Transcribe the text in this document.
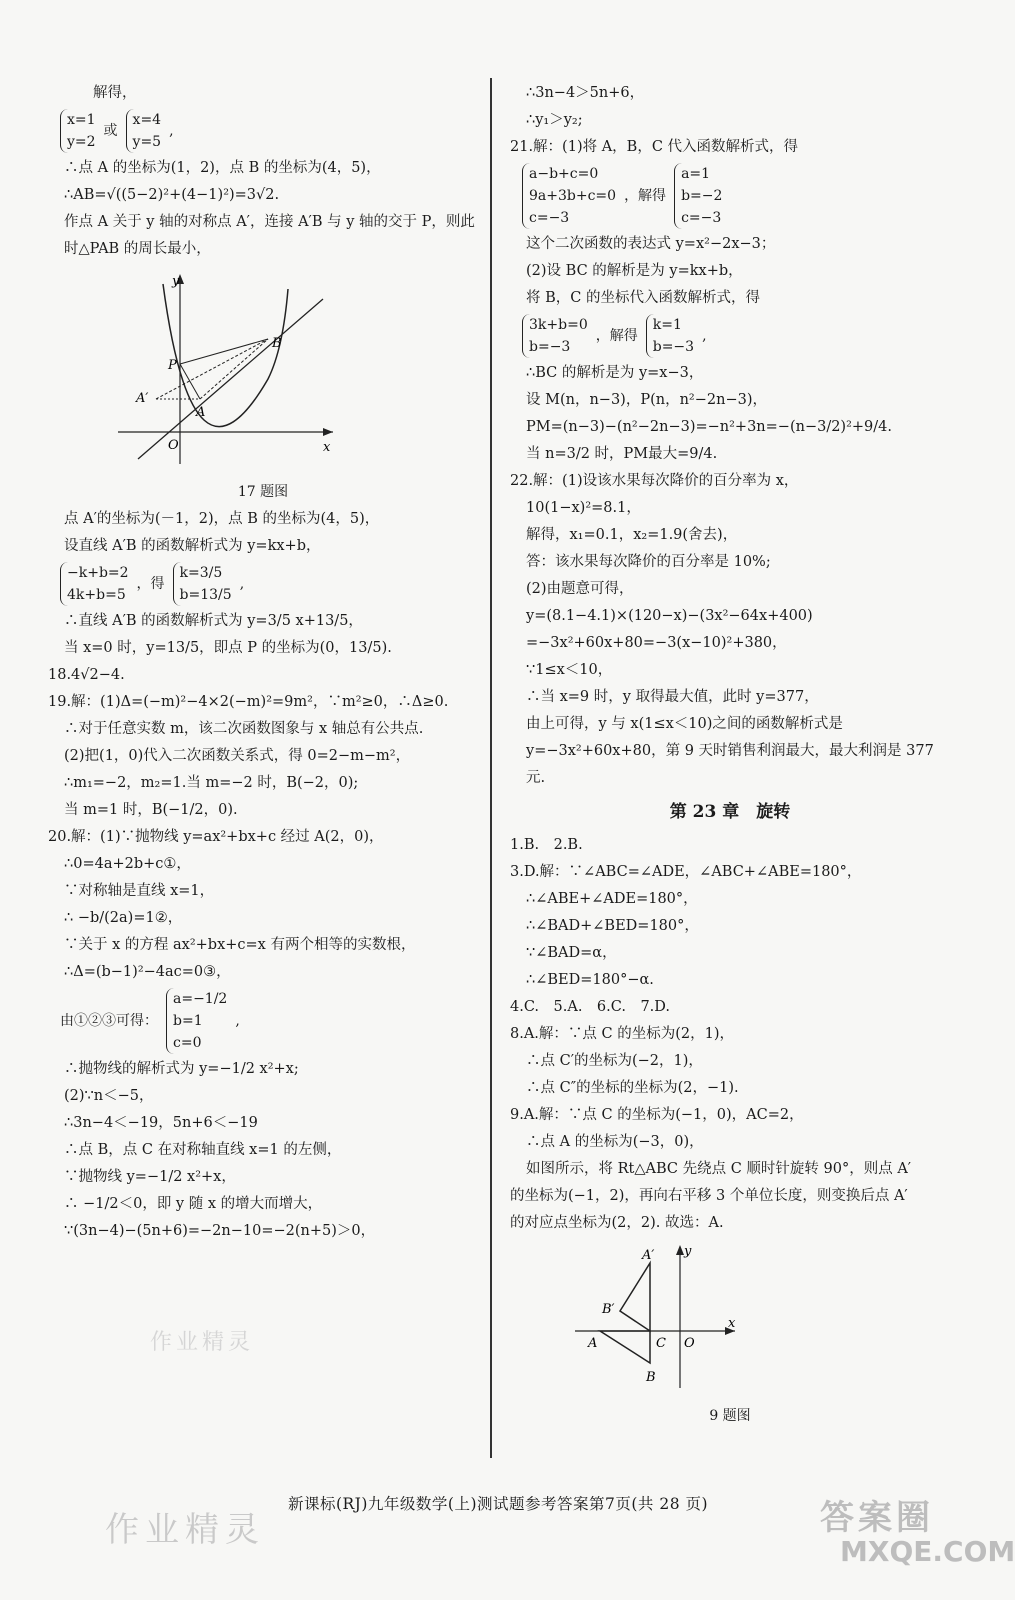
　　解得，
x=1
y=2
或
x=4
y=5
,
∴点 A 的坐标为(1，2)，点 B 的坐标为(4，5)，
∴AB=√((5−2)²+(4−1)²)=3√2.
作点 A 关于 y 轴的对称点 A′，连接 A′B 与 y 轴的交于 P，则此
时△PAB 的周长最小，
y
x
O
P
A
A′
B
17 题图
点 A′的坐标为(－1，2)，点 B 的坐标为(4，5)，
设直线 A′B 的函数解析式为 y=kx+b，
−k+b=2
4k+b=5
，得
k=3/5
b=13/5
,
∴直线 A′B 的函数解析式为 y=3/5 x+13/5，
当 x=0 时，y=13/5，即点 P 的坐标为(0，13/5).
18.4√2−4.
19.解：(1)Δ=(−m)²−4×2(−m)²=9m²，∵m²≥0，∴Δ≥0.
∴对于任意实数 m，该二次函数图象与 x 轴总有公共点.
(2)把(1，0)代入二次函数关系式，得 0=2−m−m²，
∴m₁=−2，m₂=1.当 m=−2 时，B(−2，0);
当 m=1 时，B(−1/2，0).
20.解：(1)∵抛物线 y=ax²+bx+c 经过 A(2，0)，
∴0=4a+2b+c①，
∵对称轴是直线 x=1，
∴ −b/(2a)=1②，
∵关于 x 的方程 ax²+bx+c=x 有两个相等的实数根，
∴Δ=(b−1)²−4ac=0③，
由①②③可得：
a=−1/2
b=1
c=0
,
∴抛物线的解析式为 y=−1/2 x²+x;
(2)∵n＜−5，
∴3n−4＜−19，5n+6＜−19
∴点 B，点 C 在对称轴直线 x=1 的左侧，
∵抛物线 y=−1/2 x²+x，
∴ −1/2＜0，即 y 随 x 的增大而增大，
∵(3n−4)−(5n+6)=−2n−10=−2(n+5)＞0，
∴3n−4＞5n+6，
∴y₁＞y₂;
21.解：(1)将 A，B，C 代入函数解析式，得
a−b+c=0
9a+3b+c=0
c=−3
，解得
a=1
b=−2
c=−3
这个二次函数的表达式 y=x²−2x−3；
(2)设 BC 的解析是为 y=kx+b，
将 B，C 的坐标代入函数解析式，得
3k+b=0
b=−3
，解得
k=1
b=−3
,
∴BC 的解析是为 y=x−3，
设 M(n，n−3)，P(n，n²−2n−3)，
PM=(n−3)−(n²−2n−3)=−n²+3n=−(n−3/2)²+9/4.
当 n=3/2 时，PM最大=9/4.
22.解：(1)设该水果每次降价的百分率为 x，
10(1−x)²=8.1，
解得，x₁=0.1，x₂=1.9(舍去)，
答：该水果每次降价的百分率是 10%;
(2)由题意可得，
y=(8.1−4.1)×(120−x)−(3x²−64x+400)
=−3x²+60x+80=−3(x−10)²+380，
∵1≤x＜10，
∴当 x=9 时，y 取得最大值，此时 y=377，
由上可得，y 与 x(1≤x＜10)之间的函数解析式是
y=−3x²+60x+80，第 9 天时销售利润最大，最大利润是 377
元.
第 23 章　旋转
1.B.　2.B.
3.D.解：∵∠ABC=∠ADE，∠ABC+∠ABE=180°，
∴∠ABE+∠ADE=180°，
∴∠BAD+∠BED=180°，
∵∠BAD=α，
∴∠BED=180°−α.
4.C.　5.A.　6.C.　7.D.
8.A.解：∵点 C 的坐标为(2，1)，
∴点 C′的坐标为(−2，1)，
∴点 C″的坐标的坐标为(2，−1).
9.A.解：∵点 C 的坐标为(−1，0)，AC=2，
∴点 A 的坐标为(−3，0)，
如图所示，将 Rt△ABC 先绕点 C 顺时针旋转 90°，则点 A′
的坐标为(−1，2)，再向右平移 3 个单位长度，则变换后点 A′
的对应点坐标为(2，2). 故选：A.
y
x
O
A
B
C
A′
B′
9 题图
新课标(RJ)九年级数学(上)测试题参考答案第7页(共 28 页)
作业精灵	答案圈
MXQE.COM
作业精灵
